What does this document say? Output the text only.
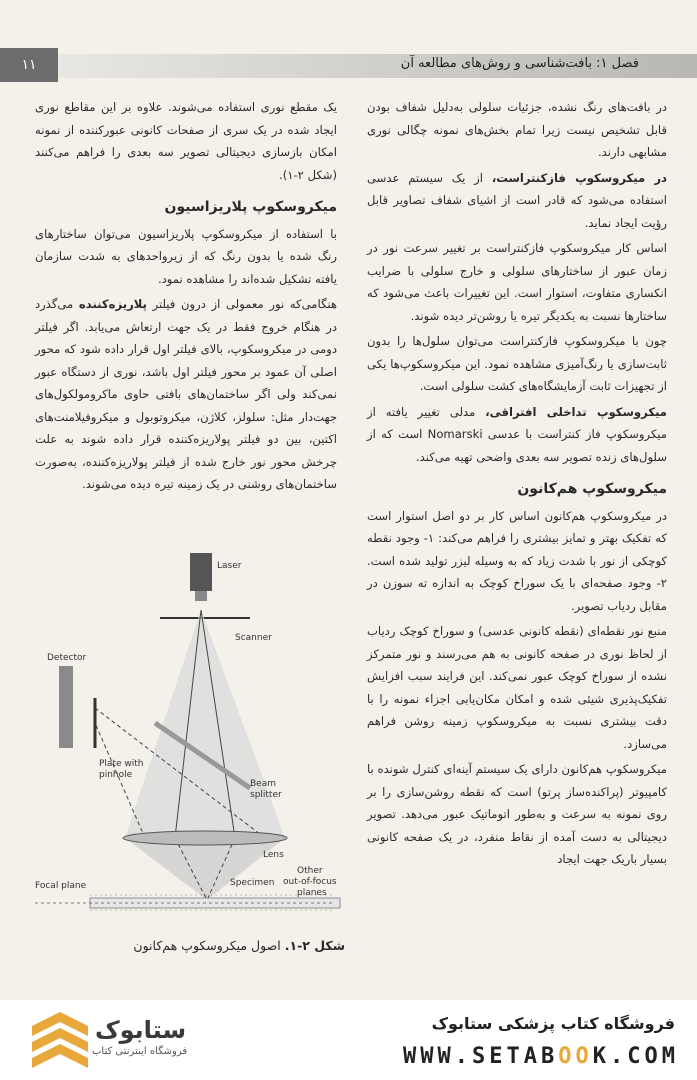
۱۱	فصل ۱: بافت‌شناسی و روش‌های مطالعه آن

در بافت‌های رنگ نشده، جزئیات سلولی به‌دلیل شفاف بودن قابل تشخیص نیست زیرا تمام بخش‌های نمونه چگالی نوری مشابهی دارند.

در میکروسکوپ فازکنتراست، از یک سیستم عدسی استفاده می‌شود که قادر است از اشیای شفاف تصاویر قابل رؤیت ایجاد نماید.

اساس کار میکروسکوپ فازکنتراست بر تغییر سرعت نور در زمان عبور از ساختارهای سلولی و خارج سلولی با ضرایب انکساری متفاوت، استوار است. این تغییرات باعث می‌شود که ساختارها نسبت به یکدیگر تیره یا روشن‌تر دیده شوند.

چون با میکروسکوپ فازکنتراست می‌توان سلول‌ها را بدون ثابت‌سازی یا رنگ‌آمیزی مشاهده نمود. این میکروسکوپ‌ها یکی از تجهیزات ثابت آزمایشگاه‌های کشت سلولی است.

میکروسکوپ تداخلی افتراقی، مدلی تغییر یافته از میکروسکوپ فاز کنتراست با عدسی Nomarski است که از سلول‌های زنده تصویر سه بعدی واضحی تهیه می‌کند.

میکروسکوپ هم‌کانون

در میکروسکوپ هم‌کانون اساس کار بر دو اصل استوار است که تفکیک بهتر و تمایز بیشتری را فراهم می‌کند: ۱- وجود نقطه کوچکی از نور با شدت زیاد که به وسیله لیزر تولید شده است. ۲- وجود صفحه‌ای با یک سوراخ کوچک به اندازه ته سوزن در مقابل ردیاب تصویر.

منبع نور نقطه‌ای (نقطه کانونی عدسی) و سوراخ کوچک ردیاب از لحاظ نوری در صفحه کانونی به هم می‌رسند و نور متمرکز نشده از سوراخ کوچک عبور نمی‌کند. این فرایند سبب افزایش تفکیک‌پذیری شیئی شده و امکان مکان‌یابی اجزاء نمونه را با دقت بیشتری نسبت به میکروسکوپ زمینه روشن فراهم می‌سازد.

میکروسکوپ هم‌کانون دارای یک سیستم آینه‌ای کنترل شونده با کامپیوتر (پراکنده‌ساز پرتو) است که نقطه روشن‌سازی را بر روی نمونه به سرعت و به‌طور اتوماتیک عبور می‌دهد. تصویر دیجیتالی به دست آمده از نقاط منفرد، در یک صفحه کانونی بسیار باریک جهت ایجاد

یک مقطع نوری استفاده می‌شوند. علاوه بر این مقاطع نوری ایجاد شده در یک سری از صفحات کانونی عبورکننده از نمونه امکان بازسازی دیجیتالی تصویر سه بعدی را فراهم می‌کنند (شکل ۲-۱).

میکروسکوپ پلاریزاسیون

با استفاده از میکروسکوپ پلاریزاسیون می‌توان ساختارهای رنگ شده یا بدون رنگ که از زیرواحدهای به شدت سازمان یافته تشکیل شده‌اند را مشاهده نمود.

هنگامی‌که نور معمولی از درون فیلتر پلاریزه‌کننده می‌گذرد در هنگام خروج فقط در یک جهت ارتعاش می‌یابد. اگر فیلتر دومی در میکروسکوپ، بالای فیلتر اول قرار داده شود که محور اصلی آن عمود بر محور فیلتر اول باشد، نوری از دستگاه عبور نمی‌کند ولی اگر ساختمان‌های بافتی حاوی ماکرومولکول‌های جهت‌دار مثل: سلولز، کلاژن، میکروتوبول و میکروفیلامنت‌های اکتین، بین دو فیلتر پولاریزه‌کننده قرار داده شوند به علت چرخش محور نور خارج شده از فیلتر پولاریزه‌کننده، به‌صورت ساختمان‌های روشنی در یک زمینه تیره دیده می‌شوند.

Laser
Scanner
Beam
splitter
Detector
Plate with
pinhole
Lens
Specimen
Other
out-of-focus
planes
Focal plane
شکل ۲-۱.اصول میکروسکوپ هم‌کانون
ستابوک
فروشگاه اینترنتی کتاب
فروشگاه کتاب پزشکی ستابوک
WWW.SETABOOK.COM
